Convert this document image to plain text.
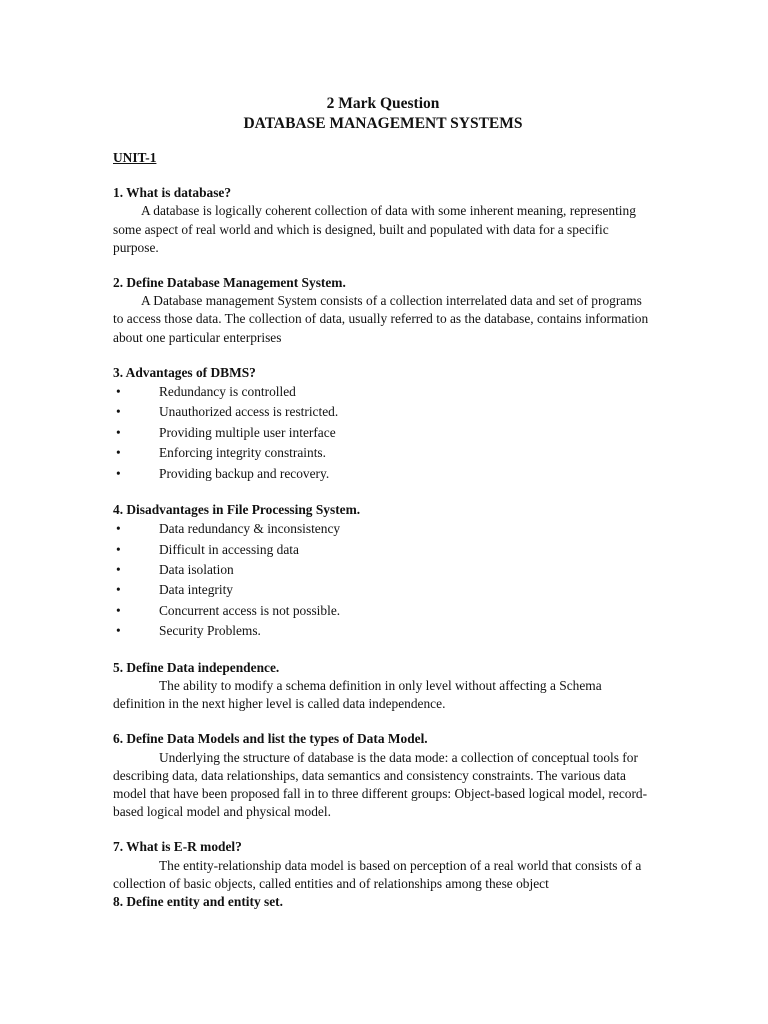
2 Mark Question
DATABASE MANAGEMENT SYSTEMS
UNIT-1
1. What is database?

A database is logically coherent collection of data with some inherent meaning, representing some aspect of real world and which is designed, built and populated with data for a specific purpose.

2. Define Database Management System.

A Database management System consists of a collection interrelated data and set of programs to access those data. The collection of data, usually referred to as the database, contains information about one particular enterprises

3. Advantages of DBMS?
•	Redundancy is controlled
•	Unauthorized access is restricted.
•	Providing multiple user interface
•	Enforcing integrity constraints.
•	Providing backup and recovery.
4. Disadvantages in File Processing System.
•	Data redundancy & inconsistency
•	Difficult in accessing data
•	Data isolation
•	Data integrity
•	Concurrent access is not possible.
•	Security Problems.
5. Define Data independence.

The ability to modify a schema definition in only level without affecting a Schema definition in the next higher level is called data independence.

6. Define Data Models and list the types of Data Model.

Underlying the structure of database is the data mode: a collection of conceptual tools for describing data, data relationships, data semantics and consistency constraints. The various data model that have been proposed fall in to three different groups: Object-based logical model, record-based logical model and physical model.

7. What is E-R model?

The entity-relationship data model is based on perception of a real world that consists of a collection of basic objects, called entities and of relationships among these object

8. Define entity and entity set.
